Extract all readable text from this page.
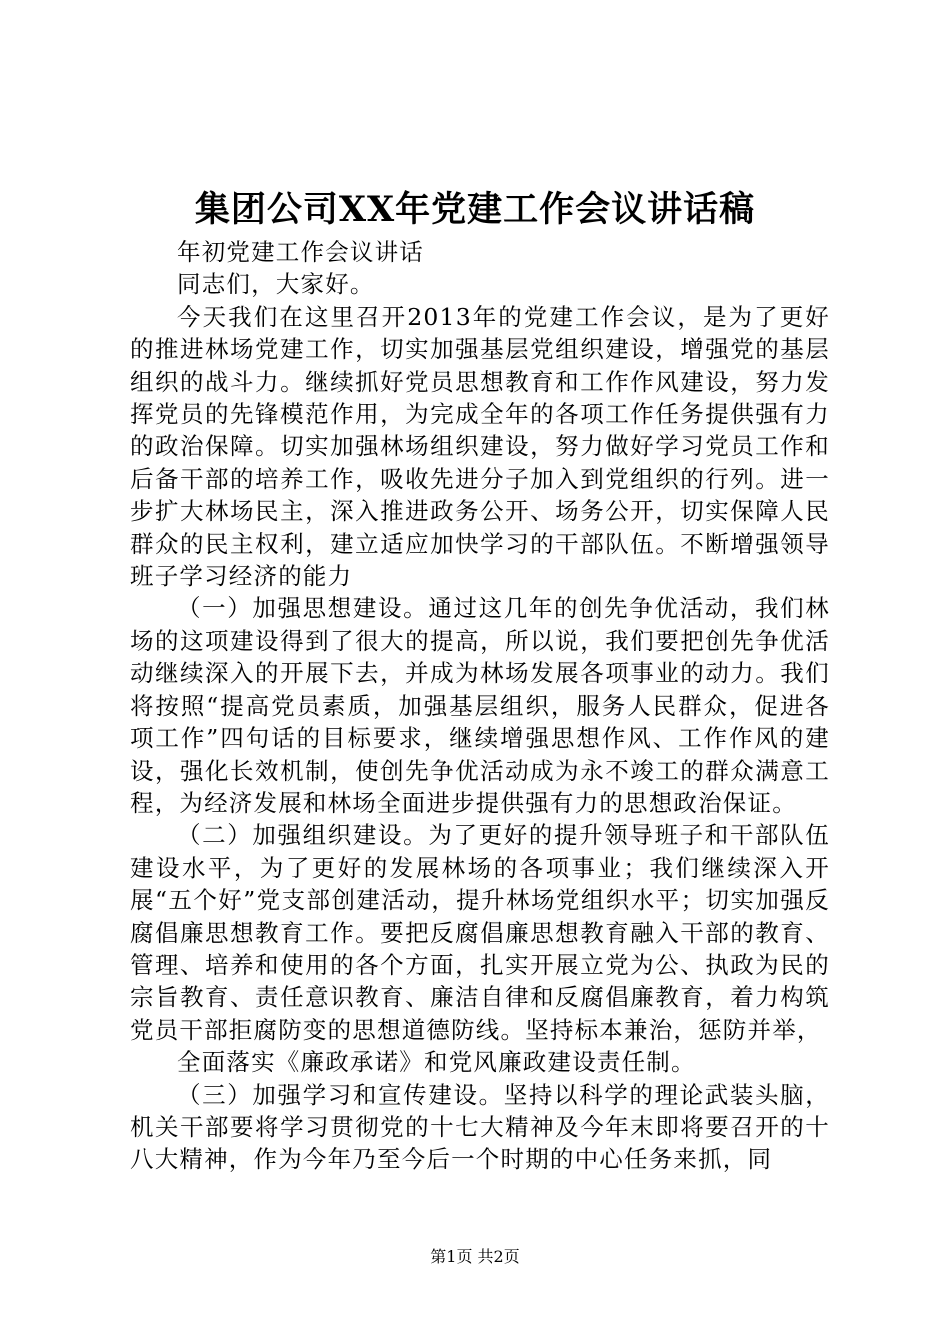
集团公司XX年党建工作会议讲话稿

年初党建工作会议讲话

同志们，大家好。

今天我们在这里召开2013年的党建工作会议，是为了更好的推进林场党建工作，切实加强基层党组织建设，增强党的基层组织的战斗力。继续抓好党员思想教育和工作作风建设，努力发挥党员的先锋模范作用，为完成全年的各项工作任务提供强有力的政治保障。切实加强林场组织建设，努力做好学习党员工作和后备干部的培养工作，吸收先进分子加入到党组织的行列。进一步扩大林场民主，深入推进政务公开、场务公开，切实保障人民群众的民主权利，建立适应加快学习的干部队伍。不断增强领导班子学习经济的能力

（一）加强思想建设。通过这几年的创先争优活动，我们林场的这项建设得到了很大的提高，所以说，我们要把创先争优活动继续深入的开展下去，并成为林场发展各项事业的动力。我们将按照“提高党员素质，加强基层组织，服务人民群众，促进各项工作”四句话的目标要求，继续增强思想作风、工作作风的建设，强化长效机制，使创先争优活动成为永不竣工的群众满意工程，为经济发展和林场全面进步提供强有力的思想政治保证。

（二）加强组织建设。为了更好的提升领导班子和干部队伍建设水平，为了更好的发展林场的各项事业；我们继续深入开展“五个好”党支部创建活动，提升林场党组织水平；切实加强反腐倡廉思想教育工作。要把反腐倡廉思想教育融入干部的教育、管理、培养和使用的各个方面，扎实开展立党为公、执政为民的宗旨教育、责任意识教育、廉洁自律和反腐倡廉教育，着力构筑党员干部拒腐防变的思想道德防线。坚持标本兼治，惩防并举，

全面落实《廉政承诺》和党风廉政建设责任制。

（三）加强学习和宣传建设。坚持以科学的理论武装头脑，机关干部要将学习贯彻党的十七大精神及今年末即将要召开的十八大精神，作为今年乃至今后一个时期的中心任务来抓，同

第1页 共2页
